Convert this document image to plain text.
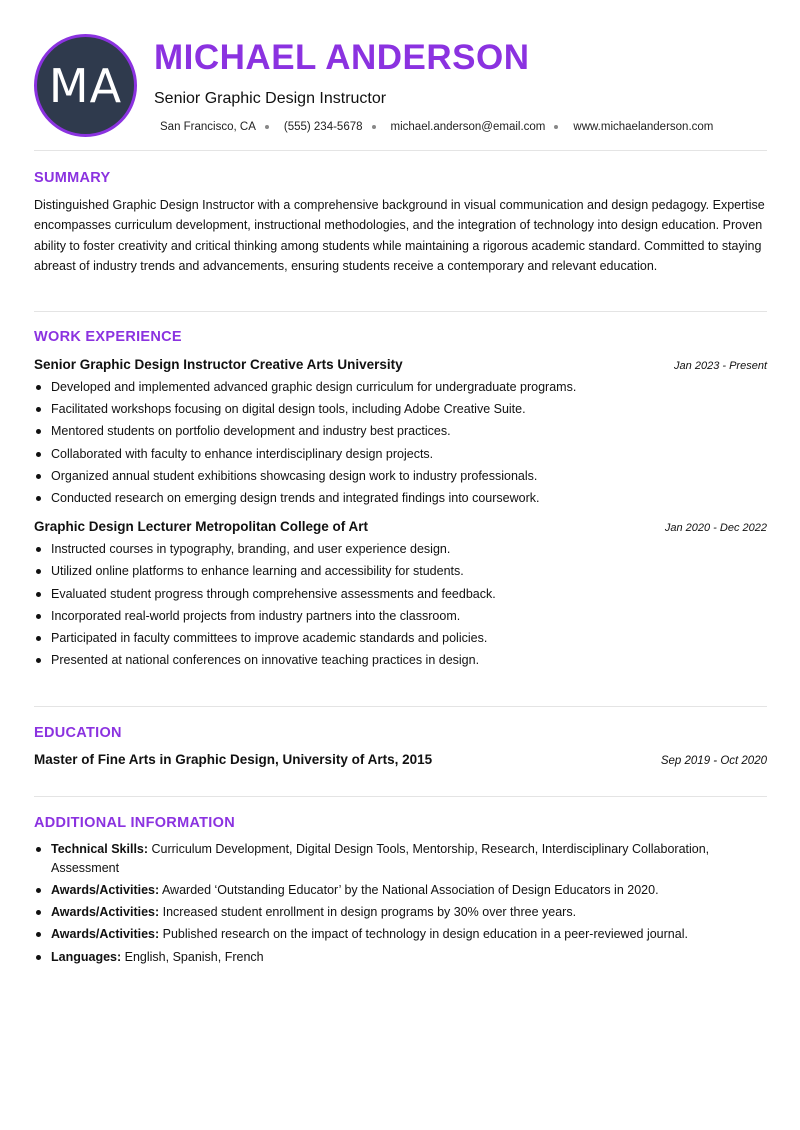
MA
MICHAEL ANDERSON
Senior Graphic Design Instructor
San Francisco, CA (555) 234-5678 michael.anderson@email.com www.michaelanderson.com
SUMMARY

Distinguished Graphic Design Instructor with a comprehensive background in visual communication and design pedagogy. Expertise encompasses curriculum development, instructional methodologies, and the integration of technology into design education. Proven ability to foster creativity and critical thinking among students while maintaining a rigorous academic standard. Committed to staying abreast of industry trends and advancements, ensuring students receive a contemporary and relevant education.

WORK EXPERIENCE
Senior Graphic Design Instructor Creative Arts University	Jan 2023 - Present
Developed and implemented advanced graphic design curriculum for undergraduate programs.
Facilitated workshops focusing on digital design tools, including Adobe Creative Suite.
Mentored students on portfolio development and industry best practices.
Collaborated with faculty to enhance interdisciplinary design projects.
Organized annual student exhibitions showcasing design work to industry professionals.
Conducted research on emerging design trends and integrated findings into coursework.
Graphic Design Lecturer Metropolitan College of Art	Jan 2020 - Dec 2022
Instructed courses in typography, branding, and user experience design.
Utilized online platforms to enhance learning and accessibility for students.
Evaluated student progress through comprehensive assessments and feedback.
Incorporated real-world projects from industry partners into the classroom.
Participated in faculty committees to improve academic standards and policies.
Presented at national conferences on innovative teaching practices in design.
EDUCATION
Master of Fine Arts in Graphic Design, University of Arts, 2015	Sep 2019 - Oct 2020
ADDITIONAL INFORMATION
Technical Skills: Curriculum Development, Digital Design Tools, Mentorship, Research, Interdisciplinary Collaboration, Assessment
Awards/Activities: Awarded ‘Outstanding Educator’ by the National Association of Design Educators in 2020.
Awards/Activities: Increased student enrollment in design programs by 30% over three years.
Awards/Activities: Published research on the impact of technology in design education in a peer-reviewed journal.
Languages: English, Spanish, French
